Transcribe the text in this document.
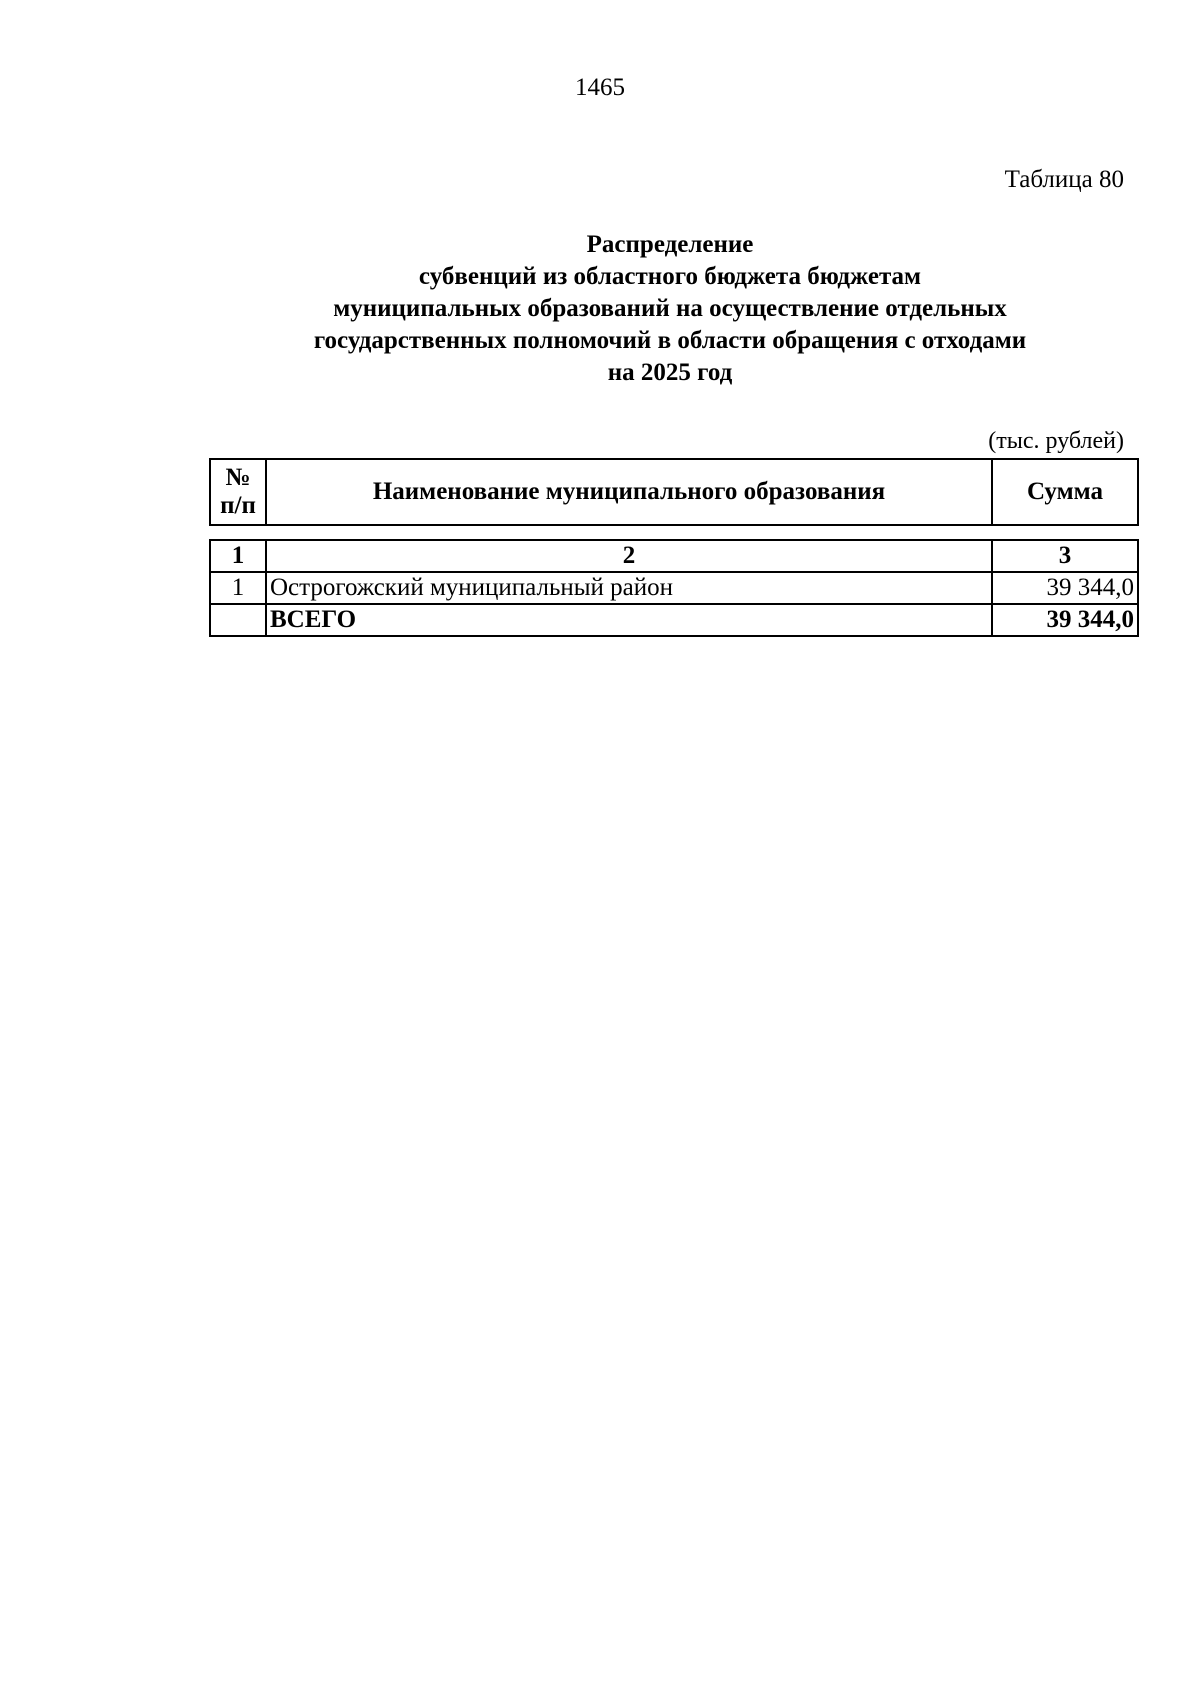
1465
Таблица 80
Распределение
субвенций из областного бюджета бюджетам
муниципальных образований на осуществление отдельных
государственных полномочий в области обращения с отходами
на 2025 год
(тыс. рублей)
№
п/п	Наименование муниципального образования	Сумма
1	2	3
1	Острогожский муниципальный район	39 344,0
	ВСЕГО	39 344,0
